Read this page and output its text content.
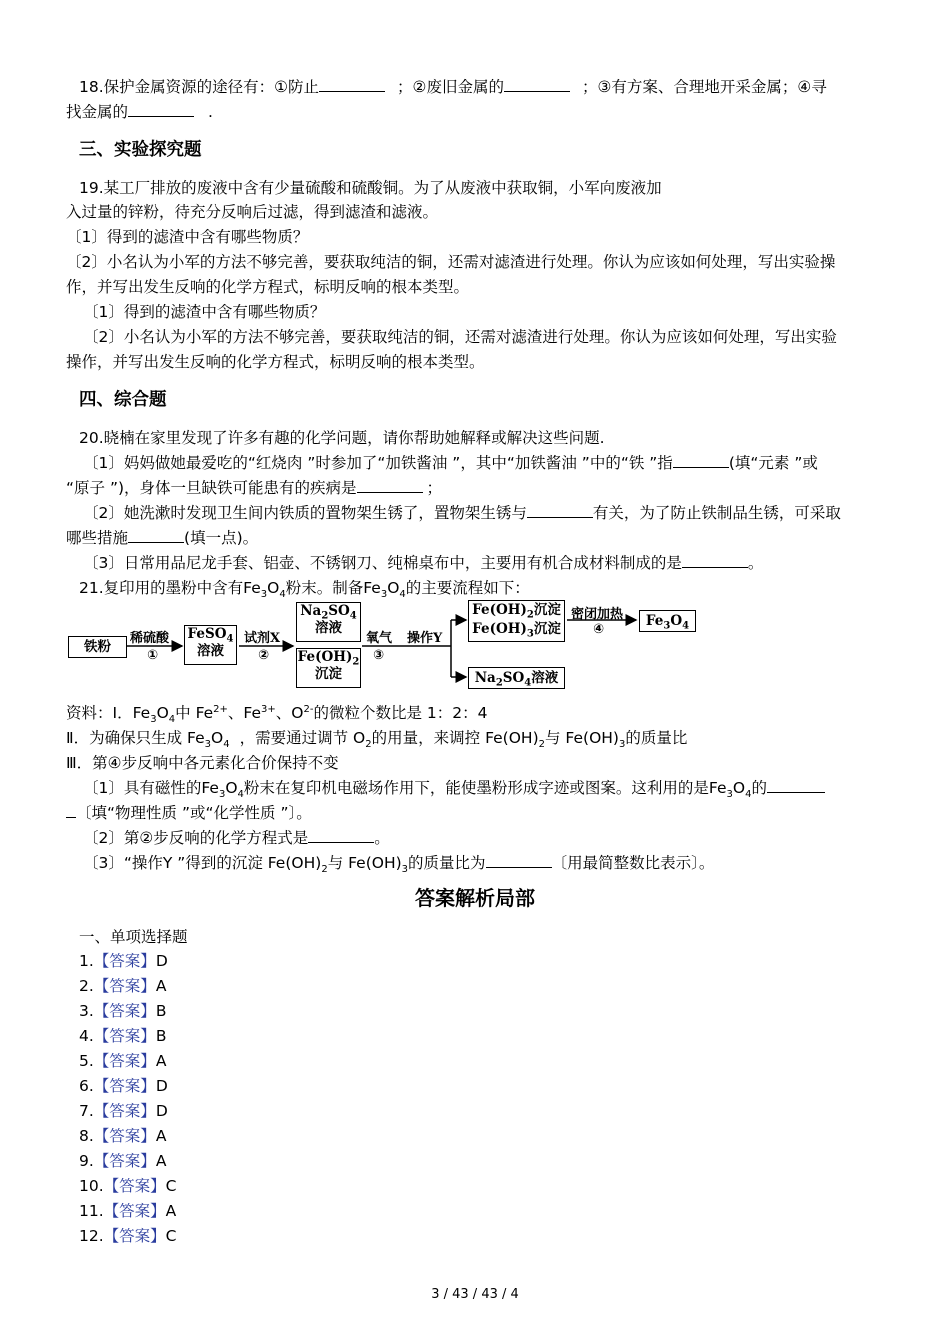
18.保护金属资源的途径有：①防止	；②废旧金属的	；③有方案、合理地开采金属；④寻
找金属的	.
三、实验探究题
19.某工厂排放的废液中含有少量硫酸和硫酸铜。为了从废液中获取铜，小军向废液加
入过量的锌粉，待充分反响后过滤，得到滤渣和滤液。
〔1〕得到的滤渣中含有哪些物质？
〔2〕小名认为小军的方法不够完善，要获取纯洁的铜，还需对滤渣进行处理。你认为应该如何处理，写出实验操
作，并写出发生反响的化学方程式，标明反响的根本类型。
〔1〕得到的滤渣中含有哪些物质？
〔2〕小名认为小军的方法不够完善，要获取纯洁的铜，还需对滤渣进行处理。你认为应该如何处理，写出实验
操作，并写出发生反响的化学方程式，标明反响的根本类型。
四、综合题
20.晓楠在家里发现了许多有趣的化学问题，请你帮助她解释或解决这些问题.
〔1〕妈妈做她最爱吃的“红烧肉 ”时参加了“加铁酱油 ”，其中“加铁酱油 ”中的“铁 ”指	(填“元素 ”或
“原子 ”)，身体一旦缺铁可能患有的疾病是	；
〔2〕她洗漱时发现卫生间内铁质的置物架生锈了，置物架生锈与	有关，为了防止铁制品生锈，可采取
哪些措施	(填一点)。
〔3〕日常用品尼龙手套、铝壶、不锈钢刀、纯棉桌布中，主要用有机合成材料制成的是	。
21.复印用的墨粉中含有$Fe_3O_4$粉末。制备$Fe_3O_4$的主要流程如下：
铁粉
稀硫酸
①
FeSO$_4$
溶液
试剂X
②
$Na_2SO_4$
溶液
$Fe(OH)_2$
沉淀
氧气
③
操作Y
$Fe(OH)_2$沉淀
$Fe(OH)_3$沉淀
$Na_2SO_4$溶液
密闭加热
④
$Fe_3O_4$
资料：Ⅰ．$Fe_3O_4$中 $Fe^{2+}$、$Fe^{3+}$、$O^{2-}$的微粒个数比是 1：2：4
Ⅱ．为确保只生成 $Fe_3O_4$ ，需要通过调节 $O_2$的用量，来调控 $Fe(OH)_2$与 $Fe(OH)_3$的质量比
Ⅲ．第④步反响中各元素化合价保持不变
〔1〕具有磁性的$Fe_3O_4$粉末在复印机电磁场作用下，能使墨粉形成字迹或图案。这利用的是$Fe_3O_4$的
〔填“物理性质 ”或“化学性质 ”〕。
〔2〕第②步反响的化学方程式是	。
〔3〕“操作Y ”得到的沉淀 $Fe(OH)_2$与 $Fe(OH)_3$的质量比为	〔用最简整数比表示〕。
答案解析局部
一、单项选择题
1.【答案】D
2.【答案】A
3.【答案】B
4.【答案】B
5.【答案】A
6.【答案】D
7.【答案】D
8.【答案】A
9.【答案】A
10.【答案】C
11.【答案】A
12.【答案】C
3 / 43 / 43 / 4
